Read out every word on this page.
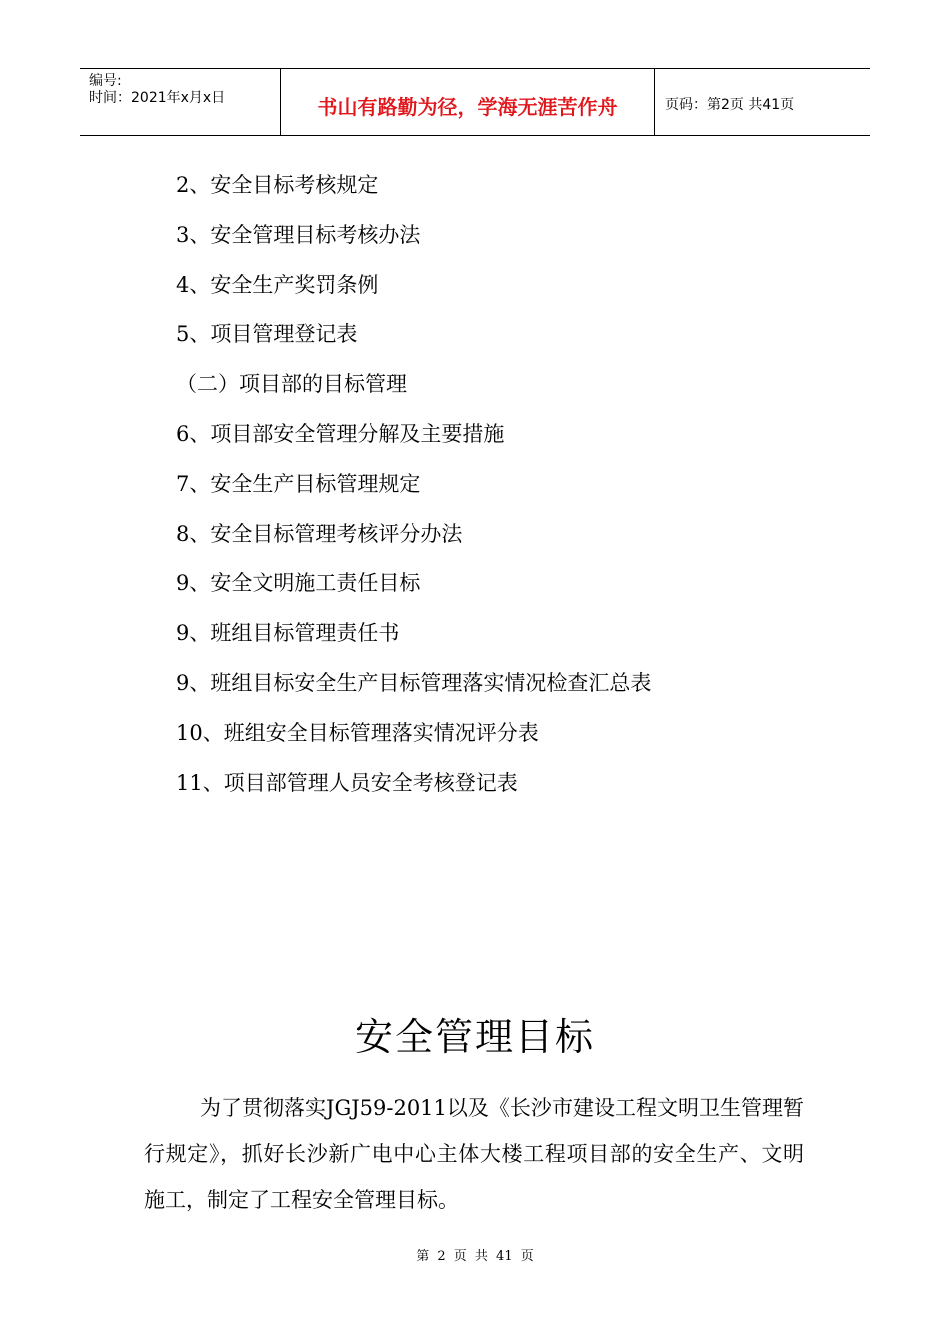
编号:
时间：2021年x月x日	书山有路勤为径，学海无涯苦作舟	页码：第2页 共41页
2、安全目标考核规定
3、安全管理目标考核办法
4、安全生产奖罚条例
5、项目管理登记表
（二）项目部的目标管理
6、项目部安全管理分解及主要措施
7、安全生产目标管理规定
8、安全目标管理考核评分办法
9、安全文明施工责任目标
9、班组目标管理责任书
9、班组目标安全生产目标管理落实情况检查汇总表
10、班组安全目标管理落实情况评分表
11、项目部管理人员安全考核登记表
安全管理目标

为了贯彻落实JGJ59-2011以及《长沙市建设工程文明卫生管理暂行规定》，抓好长沙新广电中心主体大楼工程项目部的安全生产、文明施工，制定了工程安全管理目标。

第 2 页 共 41 页
